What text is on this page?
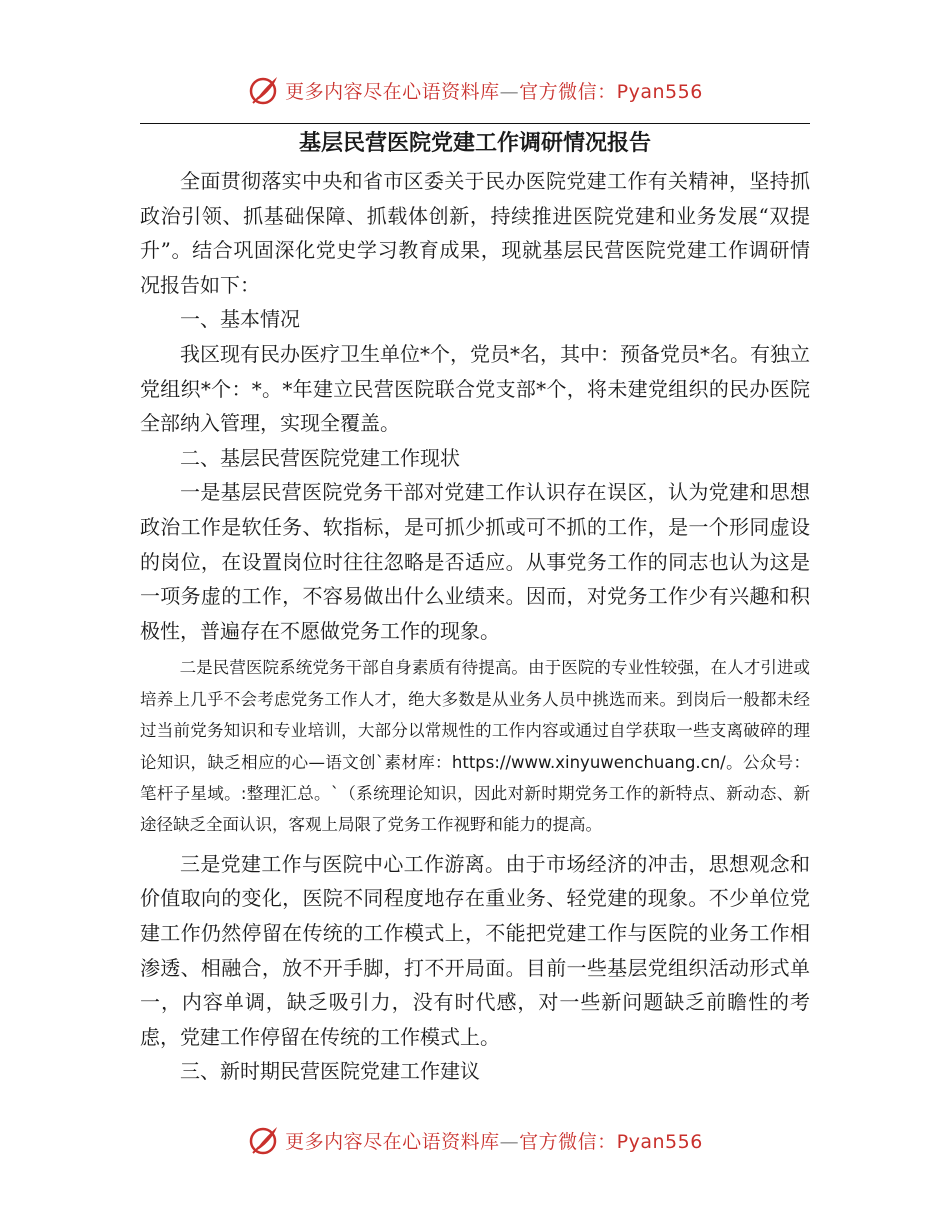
更多内容尽在心语资料库—官方微信：Pyan556
基层民营医院党建工作调研情况报告

全面贯彻落实中央和省市区委关于民办医院党建工作有关精神，坚持抓政治引领、抓基础保障、抓载体创新，持续推进医院党建和业务发展“双提升”。结合巩固深化党史学习教育成果，现就基层民营医院党建工作调研情况报告如下：

一、基本情况

我区现有民办医疗卫生单位*个，党员*名，其中：预备党员*名。有独立党组织*个：*。*年建立民营医院联合党支部*个，将未建党组织的民办医院全部纳入管理，实现全覆盖。

二、基层民营医院党建工作现状

一是基层民营医院党务干部对党建工作认识存在误区，认为党建和思想政治工作是软任务、软指标，是可抓少抓或可不抓的工作，是一个形同虚设的岗位，在设置岗位时往往忽略是否适应。从事党务工作的同志也认为这是一项务虚的工作，不容易做出什么业绩来。因而，对党务工作少有兴趣和积极性，普遍存在不愿做党务工作的现象。

二是民营医院系统党务干部自身素质有待提高。由于医院的专业性较强，在人才引进或培养上几乎不会考虑党务工作人才，绝大多数是从业务人员中挑选而来。到岗后一般都未经过当前党务知识和专业培训，大部分以常规性的工作内容或通过自学获取一些支离破碎的理论知识，缺乏相应的心—语文创`素材库：https://www.xinyuwenchuang.cn/。公众号：笔杆子星域。:整理汇总。`（系统理论知识，因此对新时期党务工作的新特点、新动态、新途径缺乏全面认识，客观上局限了党务工作视野和能力的提高。

三是党建工作与医院中心工作游离。由于市场经济的冲击，思想观念和价值取向的变化，医院不同程度地存在重业务、轻党建的现象。不少单位党建工作仍然停留在传统的工作模式上，不能把党建工作与医院的业务工作相渗透、相融合，放不开手脚，打不开局面。目前一些基层党组织活动形式单一，内容单调，缺乏吸引力，没有时代感，对一些新问题缺乏前瞻性的考虑，党建工作停留在传统的工作模式上。

三、新时期民营医院党建工作建议

更多内容尽在心语资料库—官方微信：Pyan556
